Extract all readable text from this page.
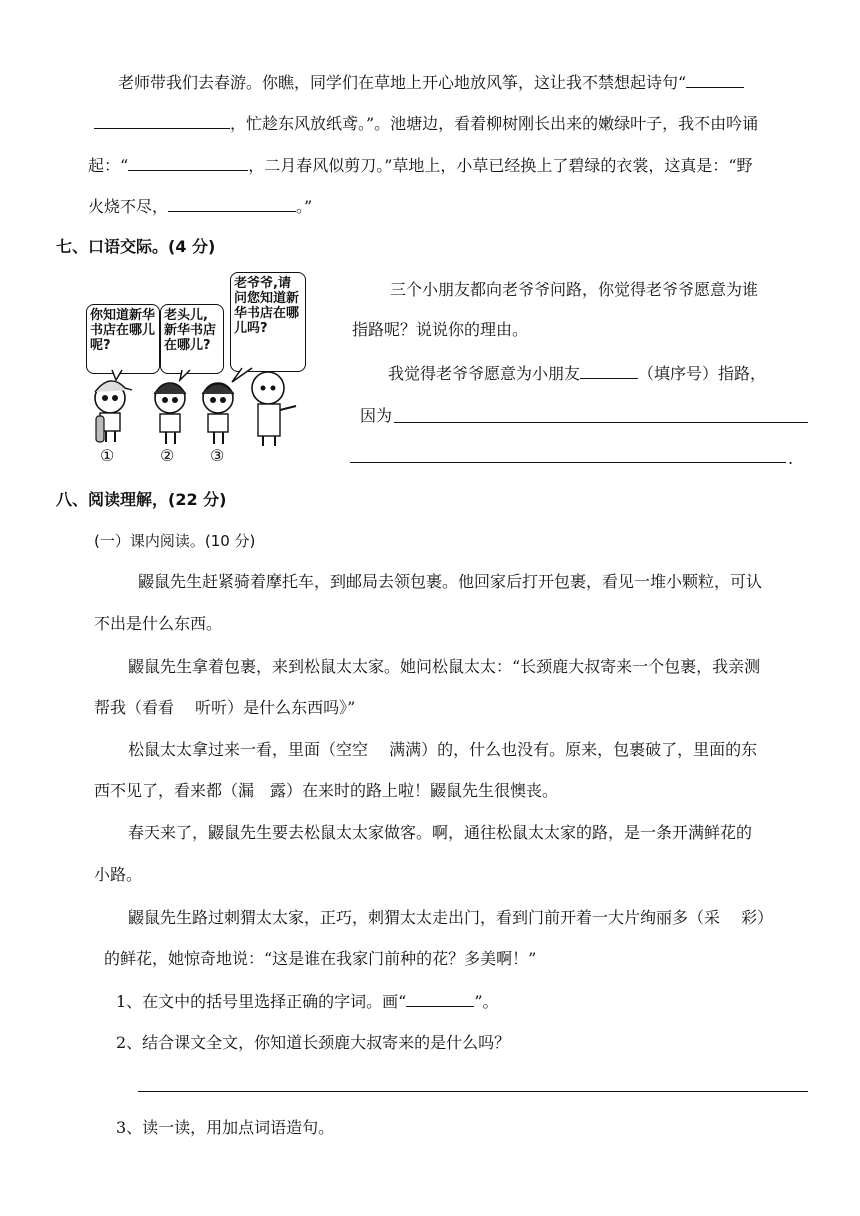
老师带我们去春游。你瞧，同学们在草地上开心地放风筝，这让我不禁想起诗句“
，忙趁东风放纸鸢。”。池塘边，看着柳树刚长出来的嫩绿叶子，我不由吟诵
起：“	，二月春风似剪刀。”草地上，小草已经换上了碧绿的衣裳，这真是：“野
火烧不尽，	。”
七、口语交际。(4 分)
你知道新华书店在哪儿呢?
老头儿,新华书店在哪儿?
老爷爷,请问您知道新华书店在哪儿吗?
①	② ③
三个小朋友都向老爷爷问路，你觉得老爷爷愿意为谁
指路呢？说说你的理由。
我觉得老爷爷愿意为小朋友	（填序号）指路，
因为
.
八、阅读理解，(22 分)
(一）课内阅读。(10 分)
鼹鼠先生赶紧骑着摩托车，到邮局去领包裹。他回家后打开包裹，看见一堆小颗粒，可认
不出是什么东西。
鼹鼠先生拿着包裹，来到松鼠太太家。她问松鼠太太：“长颈鹿大叔寄来一个包裹，我亲测
帮我（看看　 听听）是什么东西吗》”
松鼠太太拿过来一看，里面（空空　 满满）的，什么也没有。原来，包裹破了，里面的东
西不见了，看来都（漏　露）在来时的路上啦！鼹鼠先生很懊丧。
春天来了，鼹鼠先生要去松鼠太太家做客。啊，通往松鼠太太家的路，是一条开满鲜花的
小路。
鼹鼠先生路过刺猬太太家，正巧，刺猬太太走出门，看到门前开着一大片绚丽多（采　 彩）
的鲜花，她惊奇地说：“这是谁在我家门前种的花？多美啊！”
1、在文中的括号里选择正确的字词。画“	”。
2、结合课文全文，你知道长颈鹿大叔寄来的是什么吗？
3、读一读，用加点词语造句。
